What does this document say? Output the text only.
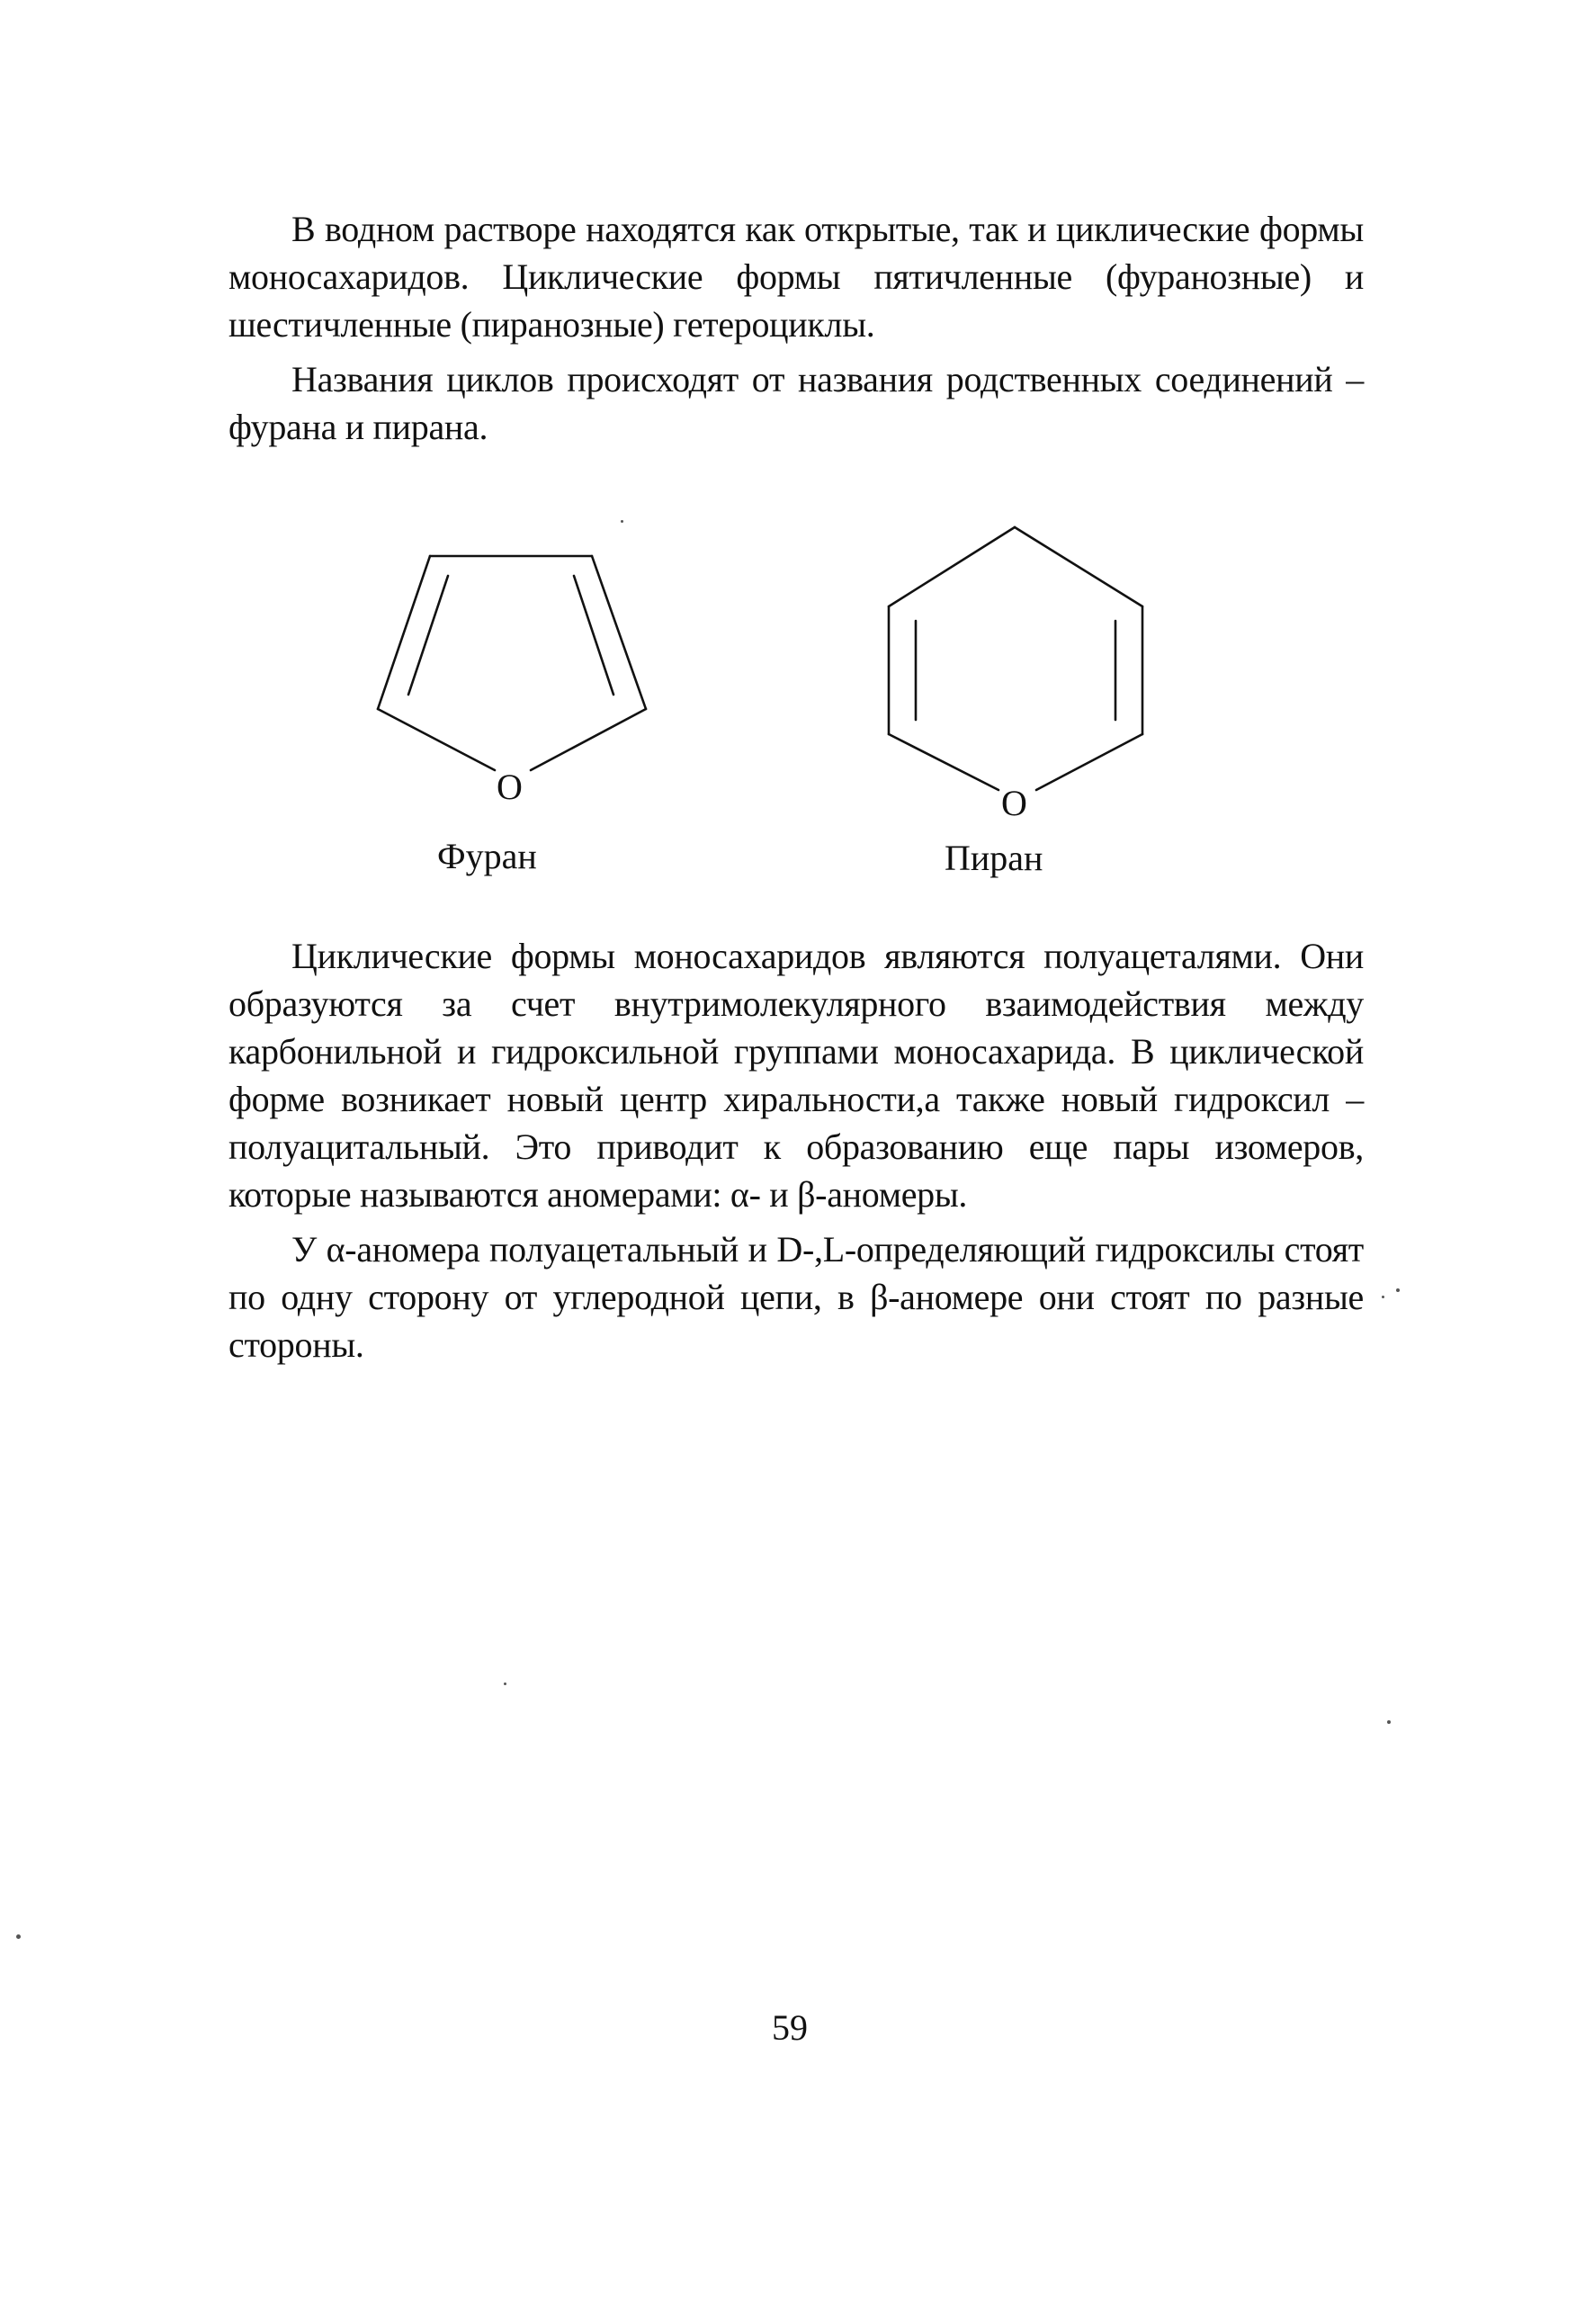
В водном растворе находятся как открытые, так и циклические формы моносахаридов. Циклические формы пятичленные (фуранозные) и шестичленные (пиранозные) гетероциклы.

Названия циклов происходят от названия родственных соединений – фурана и пирана.

O
Фуран
O
Пиран

Циклические формы моносахаридов являются полуацеталями. Они образуются за счет внутримолекулярного взаимодействия между карбонильной и гидроксильной группами моносахарида. В циклической форме возникает новый центр хиральности,а также новый гидроксил – полуацитальный. Это приводит к образованию еще пары изомеров, которые называются аномерами: α- и β-аномеры.

У α-аномера полуацетальный и D-,L-определяющий гидроксилы стоят по одну сторону от углеродной цепи, в β-аномере они стоят по разные стороны.

59
